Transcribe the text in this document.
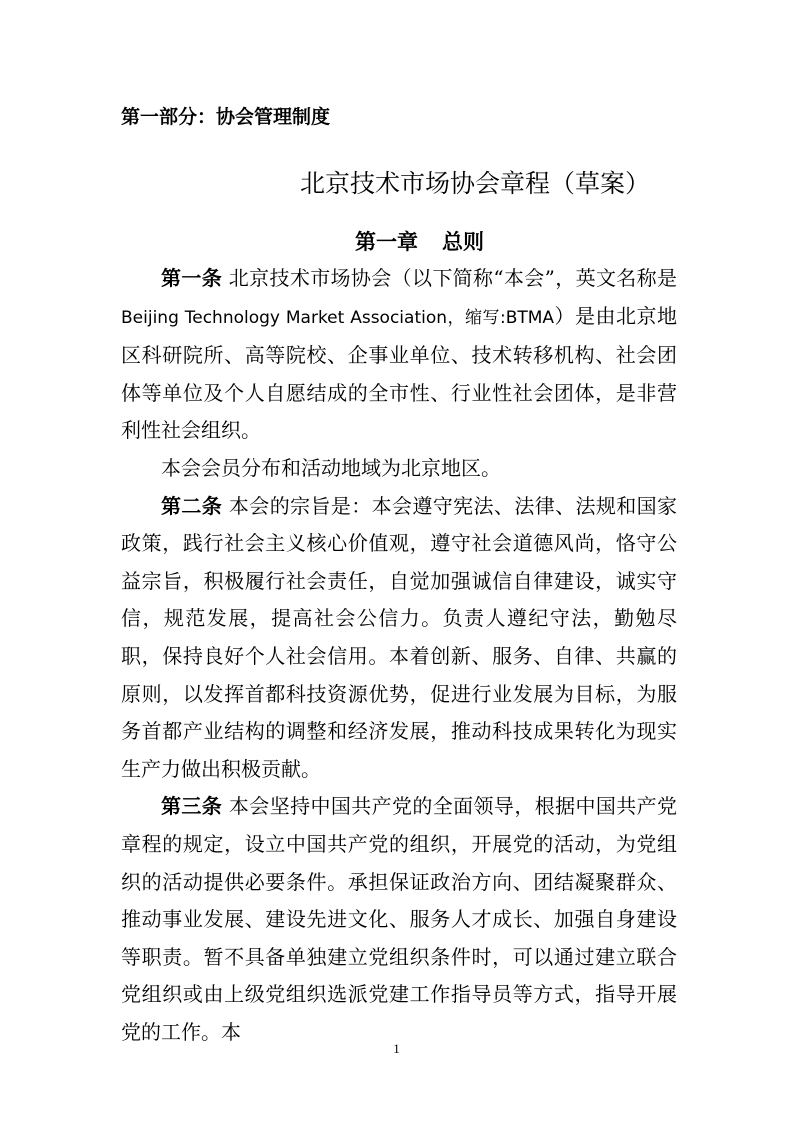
第一部分：协会管理制度
北京技术市场协会章程（草案）
第一章 总则

第一条 北京技术市场协会（以下简称“本会”，英文名称是Beijing Technology Market Association，缩写:BTMA）是由北京地区科研院所、高等院校、企事业单位、技术转移机构、社会团体等单位及个人自愿结成的全市性、行业性社会团体，是非营利性社会组织。

本会会员分布和活动地域为北京地区。

第二条 本会的宗旨是：本会遵守宪法、法律、法规和国家政策，践行社会主义核心价值观，遵守社会道德风尚，恪守公益宗旨，积极履行社会责任，自觉加强诚信自律建设，诚实守信，规范发展，提高社会公信力。负责人遵纪守法，勤勉尽职，保持良好个人社会信用。本着创新、服务、自律、共赢的原则，以发挥首都科技资源优势，促进行业发展为目标，为服务首都产业结构的调整和经济发展，推动科技成果转化为现实生产力做出积极贡献。

第三条 本会坚持中国共产党的全面领导，根据中国共产党章程的规定，设立中国共产党的组织，开展党的活动，为党组织的活动提供必要条件。承担保证政治方向、团结凝聚群众、推动事业发展、建设先进文化、服务人才成长、加强自身建设等职责。暂不具备单独建立党组织条件时，可以通过建立联合党组织或由上级党组织选派党建工作指导员等方式，指导开展党的工作。本

1
